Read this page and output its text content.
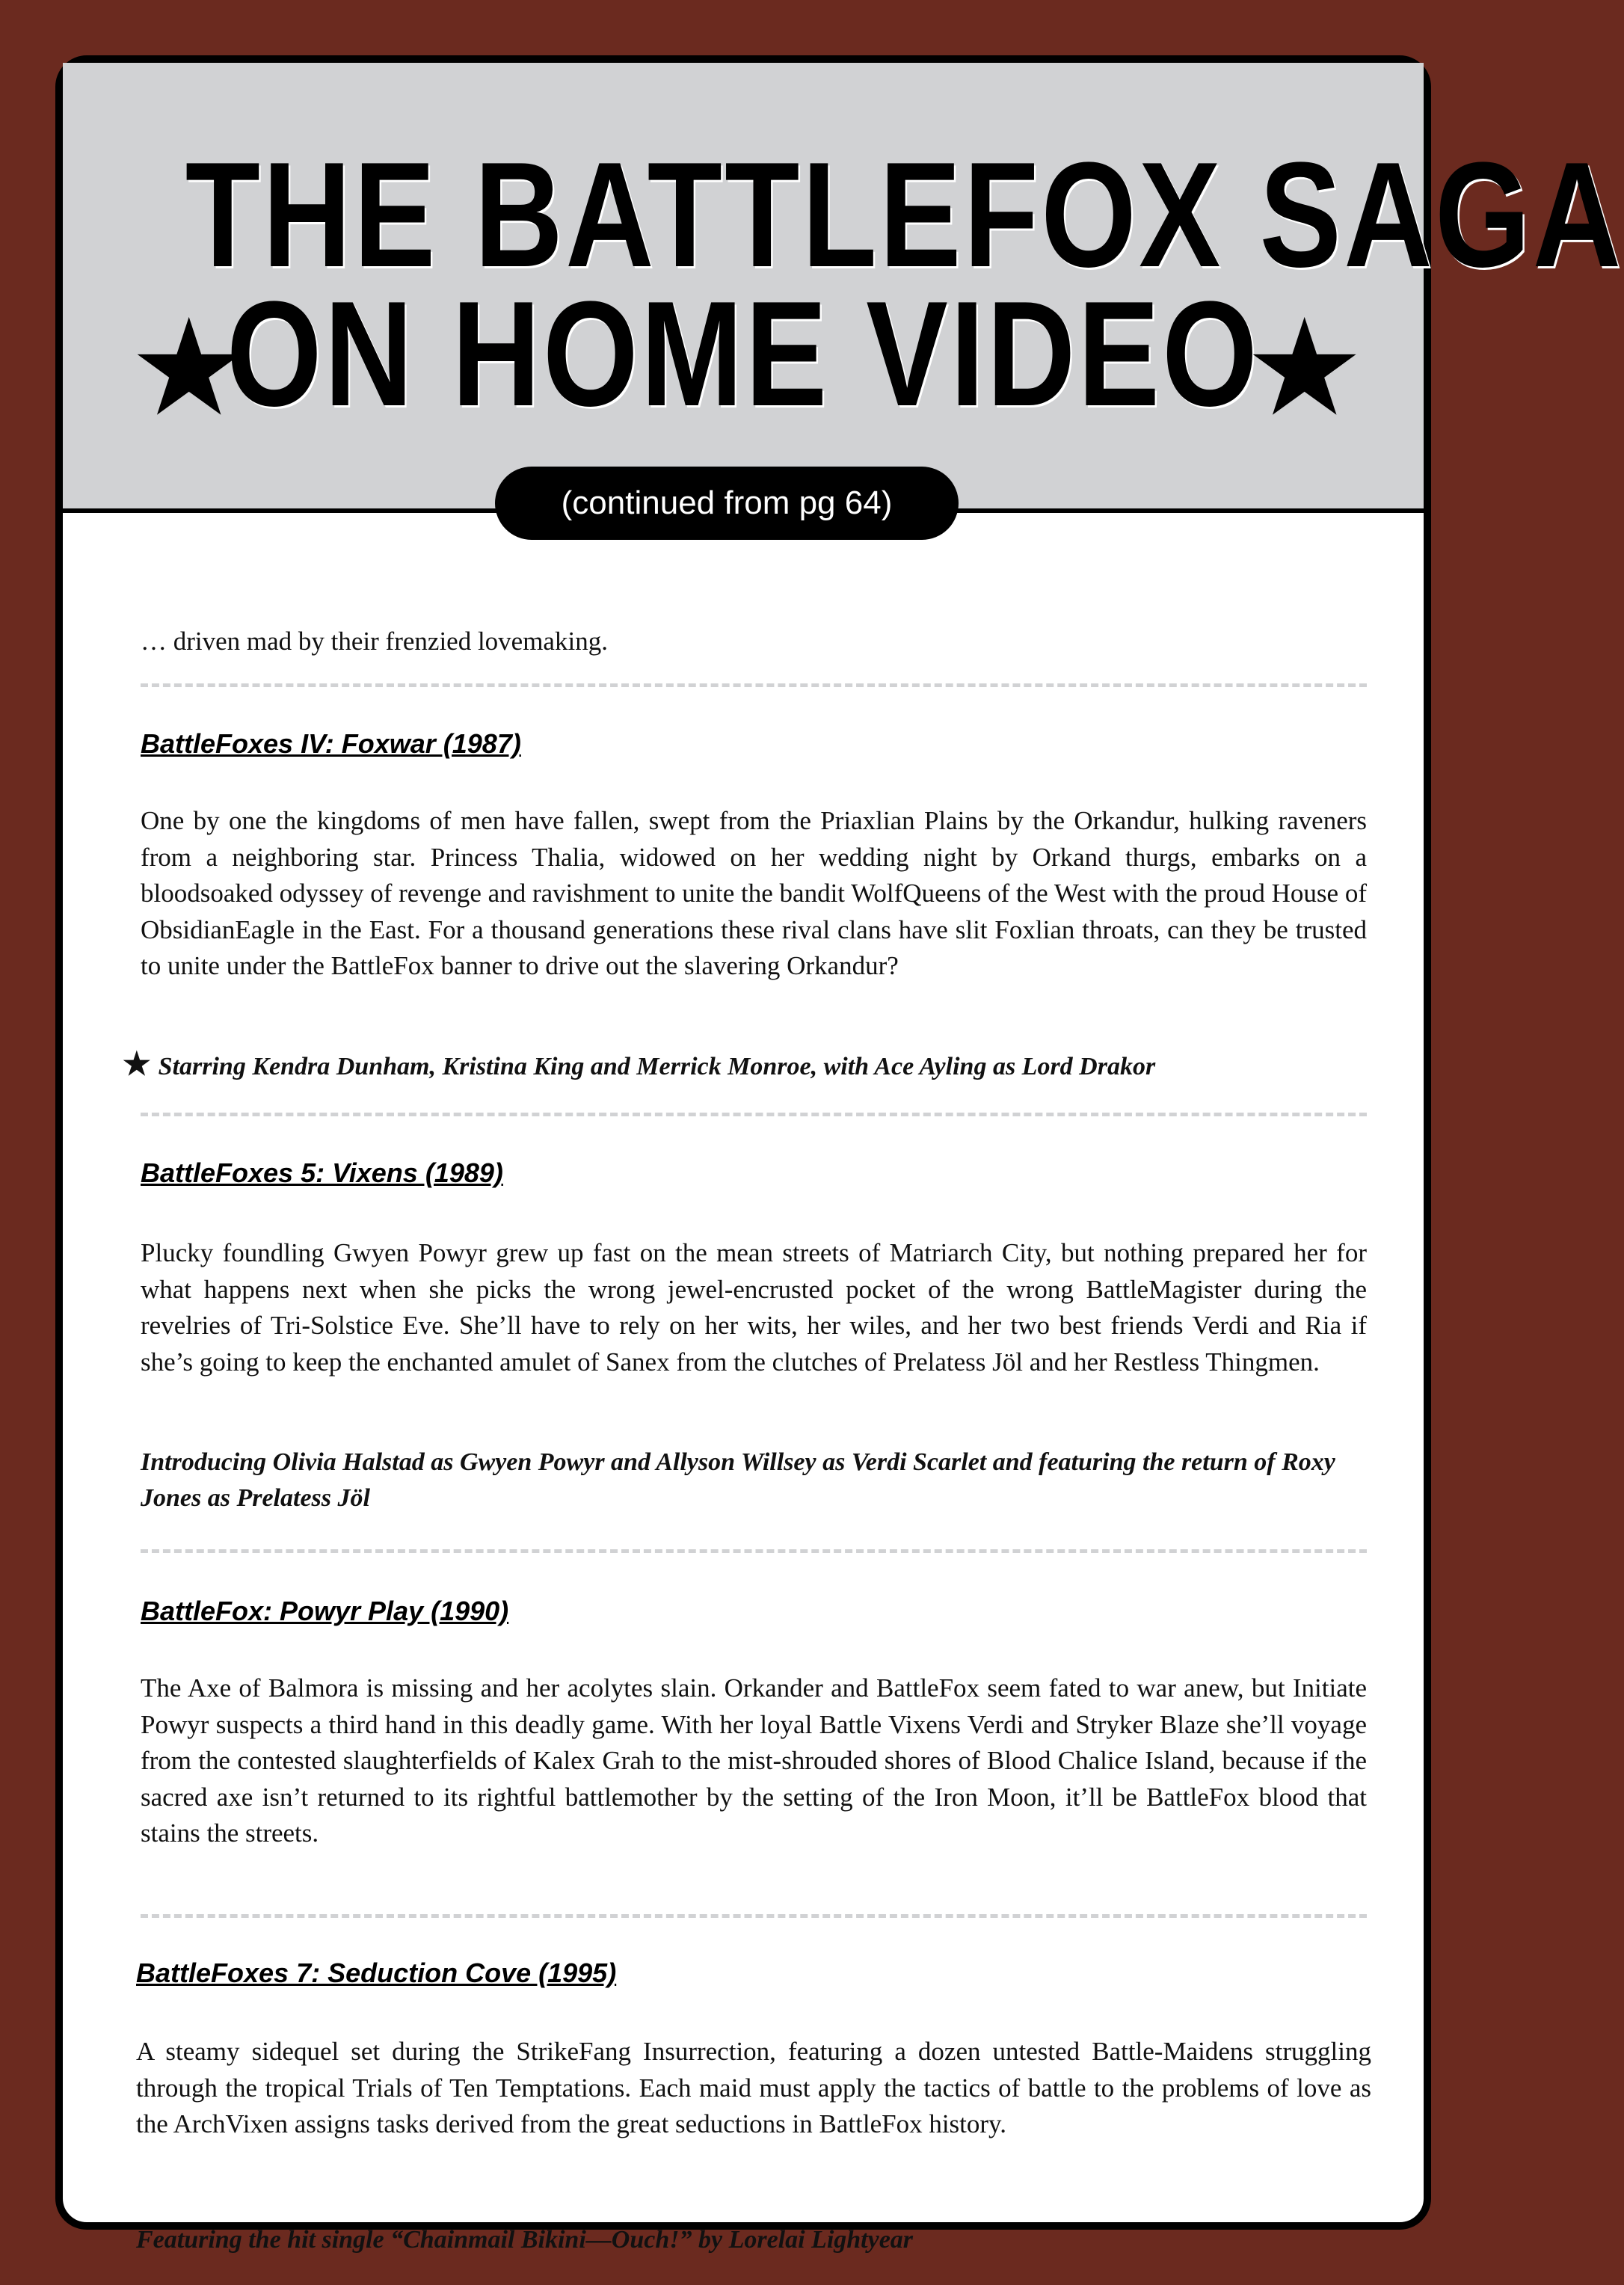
THE BATTLEFOX SAGA
ON HOME VIDEO
★	★
(continued from pg 64)

… driven mad by their frenzied lovemaking.

BattleFoxes IV: Foxwar (1987)

One by one the kingdoms of men have fallen, swept from the Priaxlian Plains by the Orkandur, hulking raveners from a neighboring star. Princess Thalia, widowed on her wedding night by Orkand thurgs, embarks on a bloodsoaked odyssey of revenge and ravishment to unite the bandit WolfQueens of the West with the proud House of ObsidianEagle in the East. For a thousand generations these rival clans have slit Foxlian throats, can they be trusted to unite under the BattleFox banner to drive out the slavering Orkandur?

★ Starring Kendra Dunham, Kristina King and Merrick Monroe, with Ace Ayling as Lord Drakor

BattleFoxes 5: Vixens (1989)

Plucky foundling Gwyen Powyr grew up fast on the mean streets of Matriarch City, but nothing prepared her for what happens next when she picks the wrong jewel-encrusted pocket of the wrong BattleMagister during the revelries of Tri-Solstice Eve. She’ll have to rely on her wits, her wiles, and her two best friends Verdi and Ria if she’s going to keep the enchanted amulet of Sanex from the clutches of Prelatess Jöl and her Restless Thingmen.

Introducing Olivia Halstad as Gwyen Powyr and Allyson Willsey as Verdi Scarlet and featuring the return of Roxy Jones as Prelatess Jöl

BattleFox: Powyr Play (1990)

The Axe of Balmora is missing and her acolytes slain. Orkander and BattleFox seem fated to war anew, but Initiate Powyr suspects a third hand in this deadly game. With her loyal Battle Vixens Verdi and Stryker Blaze she’ll voyage from the contested slaughterfields of Kalex Grah to the mist-shrouded shores of Blood Chalice Island, because if the sacred axe isn’t returned to its rightful battlemother by the setting of the Iron Moon, it’ll be BattleFox blood that stains the streets.

BattleFoxes 7: Seduction Cove (1995)

A steamy sidequel set during the StrikeFang Insurrection, featuring a dozen untested Battle-Maidens struggling through the tropical Trials of Ten Temptations. Each maid must apply the tactics of battle to the problems of love as the ArchVixen assigns tasks derived from the great seductions in BattleFox history.

Featuring the hit single “Chainmail Bikini—Ouch!” by Lorelai Lightyear
